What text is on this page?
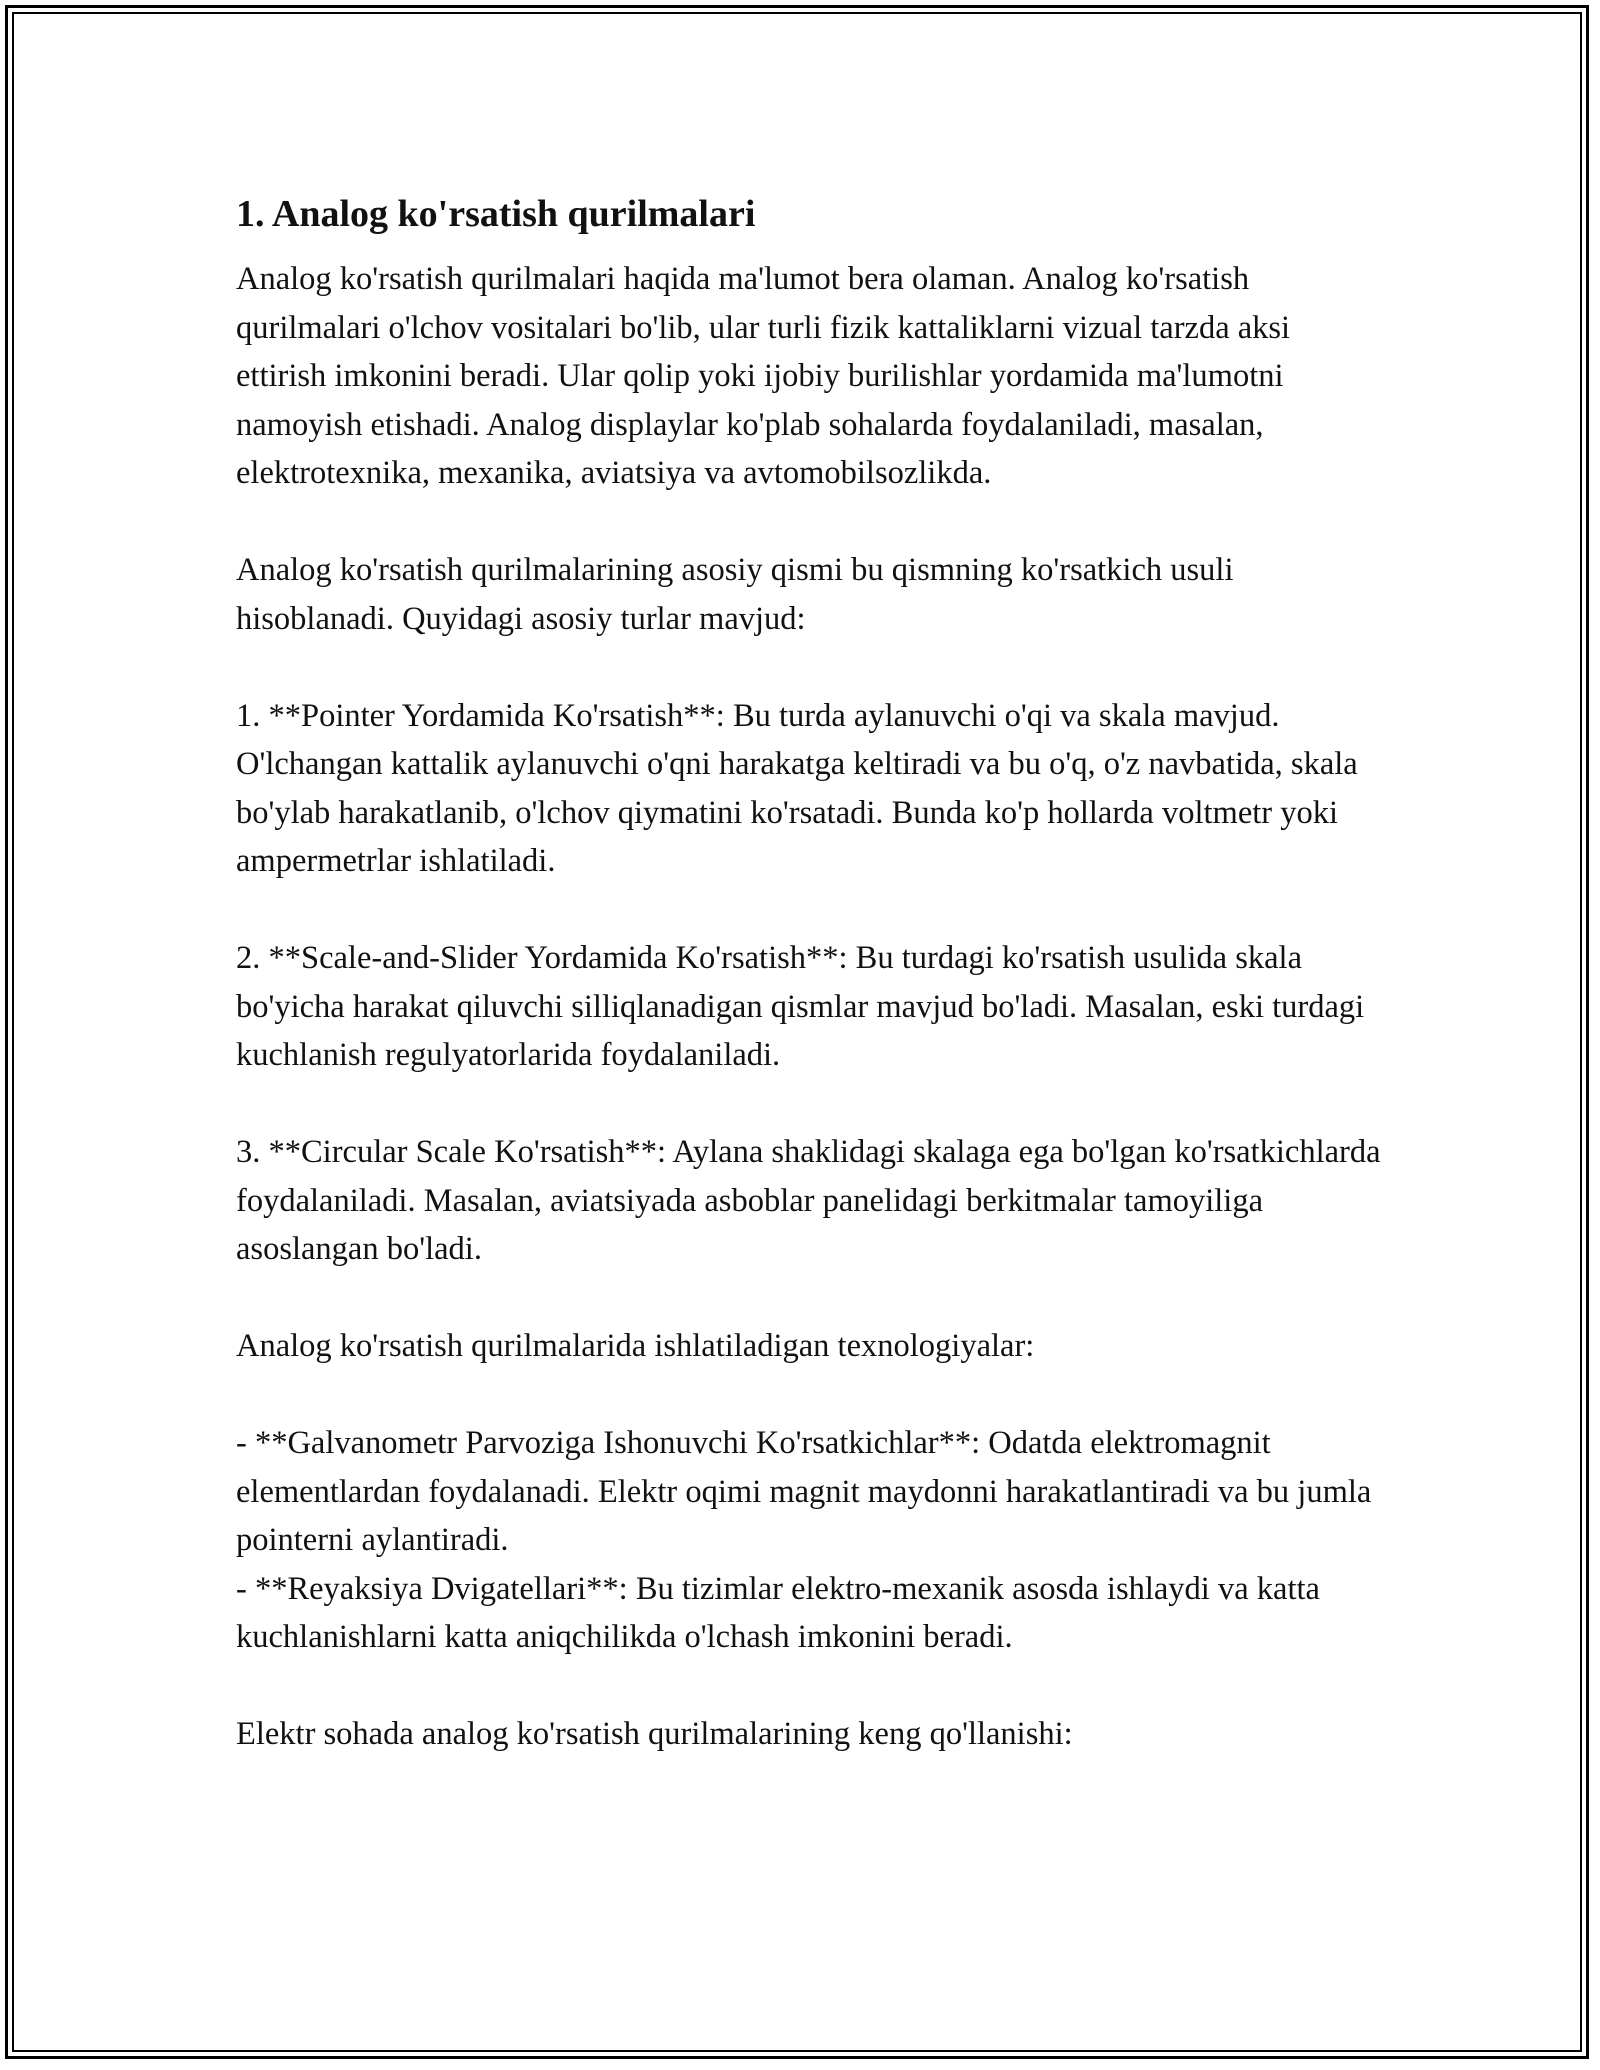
1. Analog ko'rsatish qurilmalari

Analog ko'rsatish qurilmalari haqida ma'lumot bera olaman. Analog ko'rsatish qurilmalari o'lchov vositalari bo'lib, ular turli fizik kattaliklarni vizual tarzda aksi ettirish imkonini beradi. Ular qolip yoki ijobiy burilishlar yordamida ma'lumotni namoyish etishadi. Analog displaylar ko'plab sohalarda foydalaniladi, masalan, elektrotexnika, mexanika, aviatsiya va avtomobilsozlikda.

Analog ko'rsatish qurilmalarining asosiy qismi bu qismning ko'rsatkich usuli hisoblanadi. Quyidagi asosiy turlar mavjud:

1. **Pointer Yordamida Ko'rsatish**: Bu turda aylanuvchi o'qi va skala mavjud. O'lchangan kattalik aylanuvchi o'qni harakatga keltiradi va bu o'q, o'z navbatida, skala bo'ylab harakatlanib, o'lchov qiymatini ko'rsatadi. Bunda ko'p hollarda voltmetr yoki ampermetrlar ishlatiladi.

2. **Scale-and-Slider Yordamida Ko'rsatish**: Bu turdagi ko'rsatish usulida skala bo'yicha harakat qiluvchi silliqlanadigan qismlar mavjud bo'ladi. Masalan, eski turdagi kuchlanish regulyatorlarida foydalaniladi.

3. **Circular Scale Ko'rsatish**: Aylana shaklidagi skalaga ega bo'lgan ko'rsatkichlarda foydalaniladi. Masalan, aviatsiyada asboblar panelidagi berkitmalar tamoyiliga asoslangan bo'ladi.

Analog ko'rsatish qurilmalarida ishlatiladigan texnologiyalar:

- **Galvanometr Parvoziga Ishonuvchi Ko'rsatkichlar**: Odatda elektromagnit elementlardan foydalanadi. Elektr oqimi magnit maydonni harakatlantiradi va bu jumla pointerni aylantiradi.

- **Reyaksiya Dvigatellari**: Bu tizimlar elektro-mexanik asosda ishlaydi va katta kuchlanishlarni katta aniqchilikda o'lchash imkonini beradi.

Elektr sohada analog ko'rsatish qurilmalarining keng qo'llanishi:
